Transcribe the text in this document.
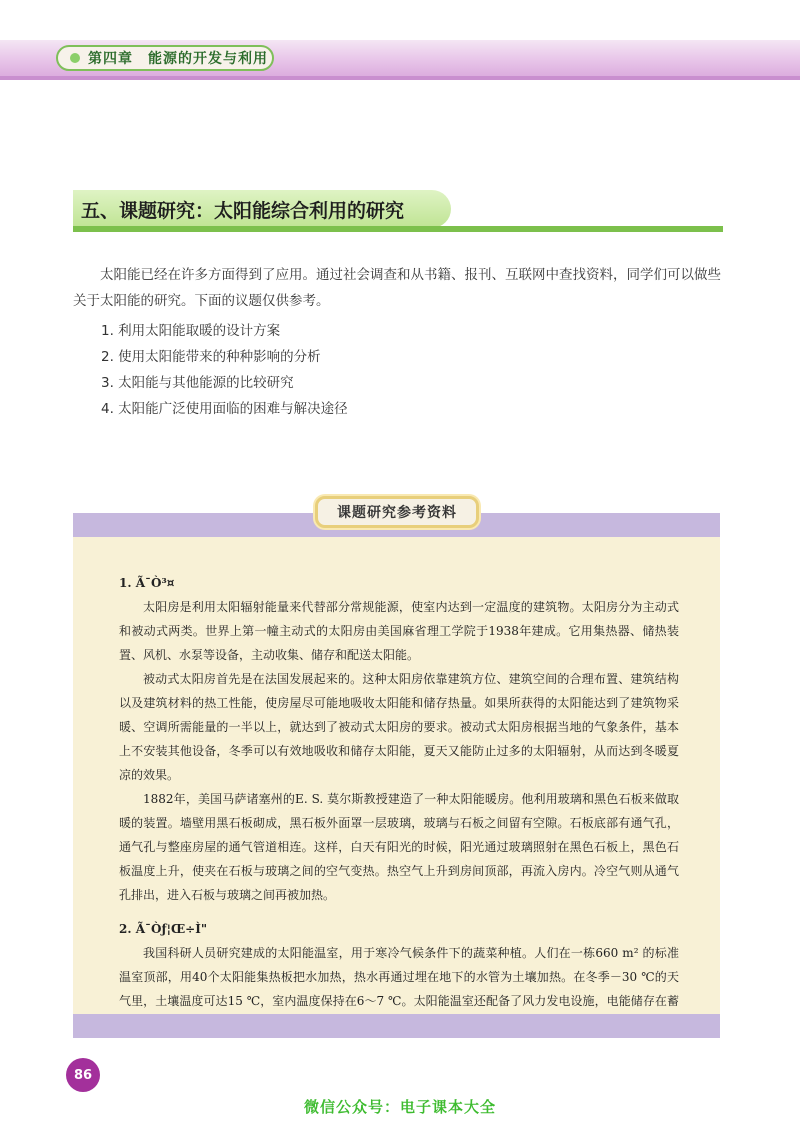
第四章　能源的开发与利用
五、课题研究：太阳能综合利用的研究

太阳能已经在许多方面得到了应用。通过社会调查和从书籍、报刊、互联网中查找资料，同学们可以做些关于太阳能的研究。下面的议题仅供参考。

1. 利用太阳能取暖的设计方案
2. 使用太阳能带来的种种影响的分析
3. 太阳能与其他能源的比较研究
4. 太阳能广泛使用面临的困难与解决途径
课题研究参考资料
1. Ã¯Ò³¤

太阳房是利用太阳辐射能量来代替部分常规能源，使室内达到一定温度的建筑物。太阳房分为主动式和被动式两类。世界上第一幢主动式的太阳房由美国麻省理工学院于1938年建成。它用集热器、储热装置、风机、水泵等设备，主动收集、储存和配送太阳能。

被动式太阳房首先是在法国发展起来的。这种太阳房依靠建筑方位、建筑空间的合理布置、建筑结构以及建筑材料的热工性能，使房屋尽可能地吸收太阳能和储存热量。如果所获得的太阳能达到了建筑物采暖、空调所需能量的一半以上，就达到了被动式太阳房的要求。被动式太阳房根据当地的气象条件，基本上不安装其他设备，冬季可以有效地吸收和储存太阳能，夏天又能防止过多的太阳辐射，从而达到冬暖夏凉的效果。

1882年，美国马萨诸塞州的E. S. 莫尔斯教授建造了一种太阳能暖房。他利用玻璃和黑色石板来做取暖的装置。墙壁用黑石板砌成，黑石板外面罩一层玻璃，玻璃与石板之间留有空隙。石板底部有通气孔，通气孔与整座房屋的通气管道相连。这样，白天有阳光的时候，阳光通过玻璃照射在黑色石板上，黑色石板温度上升，使夹在石板与玻璃之间的空气变热。热空气上升到房间顶部，再流入房内。冷空气则从通气孔排出，进入石板与玻璃之间再被加热。

2. Ã¯Òƒ¦Œ÷Ì"

我国科研人员研究建成的太阳能温室，用于寒冷气候条件下的蔬菜种植。人们在一栋660 m² 的标准温室顶部，用40个太阳能集热板把水加热，热水再通过埋在地下的水管为土壤加热。在冬季－30 ℃的天气里，土壤温度可达15 ℃，室内温度保持在6～7 ℃。太阳能温室还配备了风力发电设施，电能储存在蓄

86
微信公众号：电子课本大全
